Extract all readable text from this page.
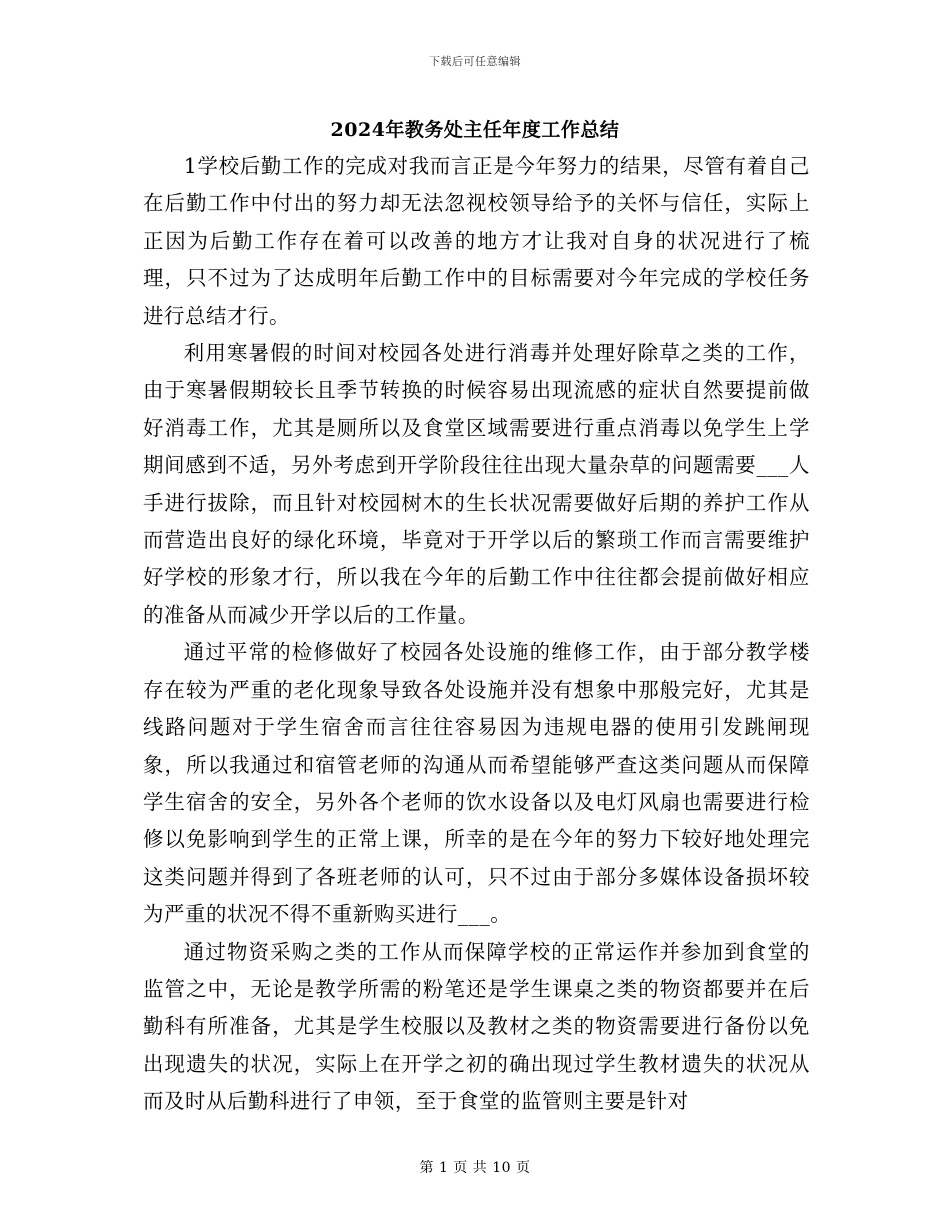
下载后可任意编辑
2024年教务处主任年度工作总结

1学校后勤工作的完成对我而言正是今年努力的结果，尽管有着自己在后勤工作中付出的努力却无法忽视校领导给予的关怀与信任，实际上正因为后勤工作存在着可以改善的地方才让我对自身的状况进行了梳理，只不过为了达成明年后勤工作中的目标需要对今年完成的学校任务进行总结才行。

利用寒暑假的时间对校园各处进行消毒并处理好除草之类的工作，由于寒暑假期较长且季节转换的时候容易出现流感的症状自然要提前做好消毒工作，尤其是厕所以及食堂区域需要进行重点消毒以免学生上学期间感到不适，另外考虑到开学阶段往往出现大量杂草的问题需要___人手进行拔除，而且针对校园树木的生长状况需要做好后期的养护工作从而营造出良好的绿化环境，毕竟对于开学以后的繁琐工作而言需要维护好学校的形象才行，所以我在今年的后勤工作中往往都会提前做好相应的准备从而减少开学以后的工作量。

通过平常的检修做好了校园各处设施的维修工作，由于部分教学楼存在较为严重的老化现象导致各处设施并没有想象中那般完好，尤其是线路问题对于学生宿舍而言往往容易因为违规电器的使用引发跳闸现象，所以我通过和宿管老师的沟通从而希望能够严查这类问题从而保障学生宿舍的安全，另外各个老师的饮水设备以及电灯风扇也需要进行检修以免影响到学生的正常上课，所幸的是在今年的努力下较好地处理完这类问题并得到了各班老师的认可，只不过由于部分多媒体设备损坏较为严重的状况不得不重新购买进行___。

通过物资采购之类的工作从而保障学校的正常运作并参加到食堂的监管之中，无论是教学所需的粉笔还是学生课桌之类的物资都要并在后勤科有所准备，尤其是学生校服以及教材之类的物资需要进行备份以免出现遗失的状况，实际上在开学之初的确出现过学生教材遗失的状况从而及时从后勤科进行了申领，至于食堂的监管则主要是针对

第 1 页 共 10 页
